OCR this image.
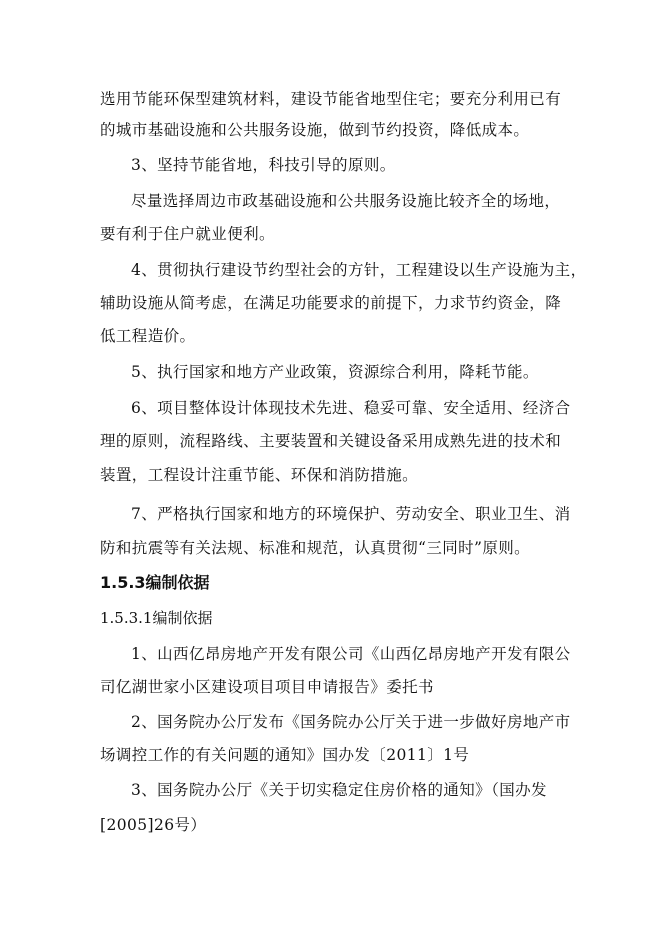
选用节能环保型建筑材料，建设节能省地型住宅；要充分利用已有
的城市基础设施和公共服务设施，做到节约投资，降低成本。
3、坚持节能省地，科技引导的原则。
尽量选择周边市政基础设施和公共服务设施比较齐全的场地，
要有利于住户就业便利。
4、贯彻执行建设节约型社会的方针，工程建设以生产设施为主，
辅助设施从简考虑，在满足功能要求的前提下，力求节约资金，降
低工程造价。
5、执行国家和地方产业政策，资源综合利用，降耗节能。
6、项目整体设计体现技术先进、稳妥可靠、安全适用、经济合
理的原则，流程路线、主要装置和关键设备采用成熟先进的技术和
装置，工程设计注重节能、环保和消防措施。
7、严格执行国家和地方的环境保护、劳动安全、职业卫生、消
防和抗震等有关法规、标准和规范，认真贯彻“三同时”原则。
1.5.3编制依据
1.5.3.1编制依据
1、山西亿昂房地产开发有限公司《山西亿昂房地产开发有限公
司亿湖世家小区建设项目项目申请报告》委托书
2、国务院办公厅发布《国务院办公厅关于进一步做好房地产市
场调控工作的有关问题的通知》国办发〔2011〕1号
3、国务院办公厅《关于切实稳定住房价格的通知》（国办发
[2005]26号）
